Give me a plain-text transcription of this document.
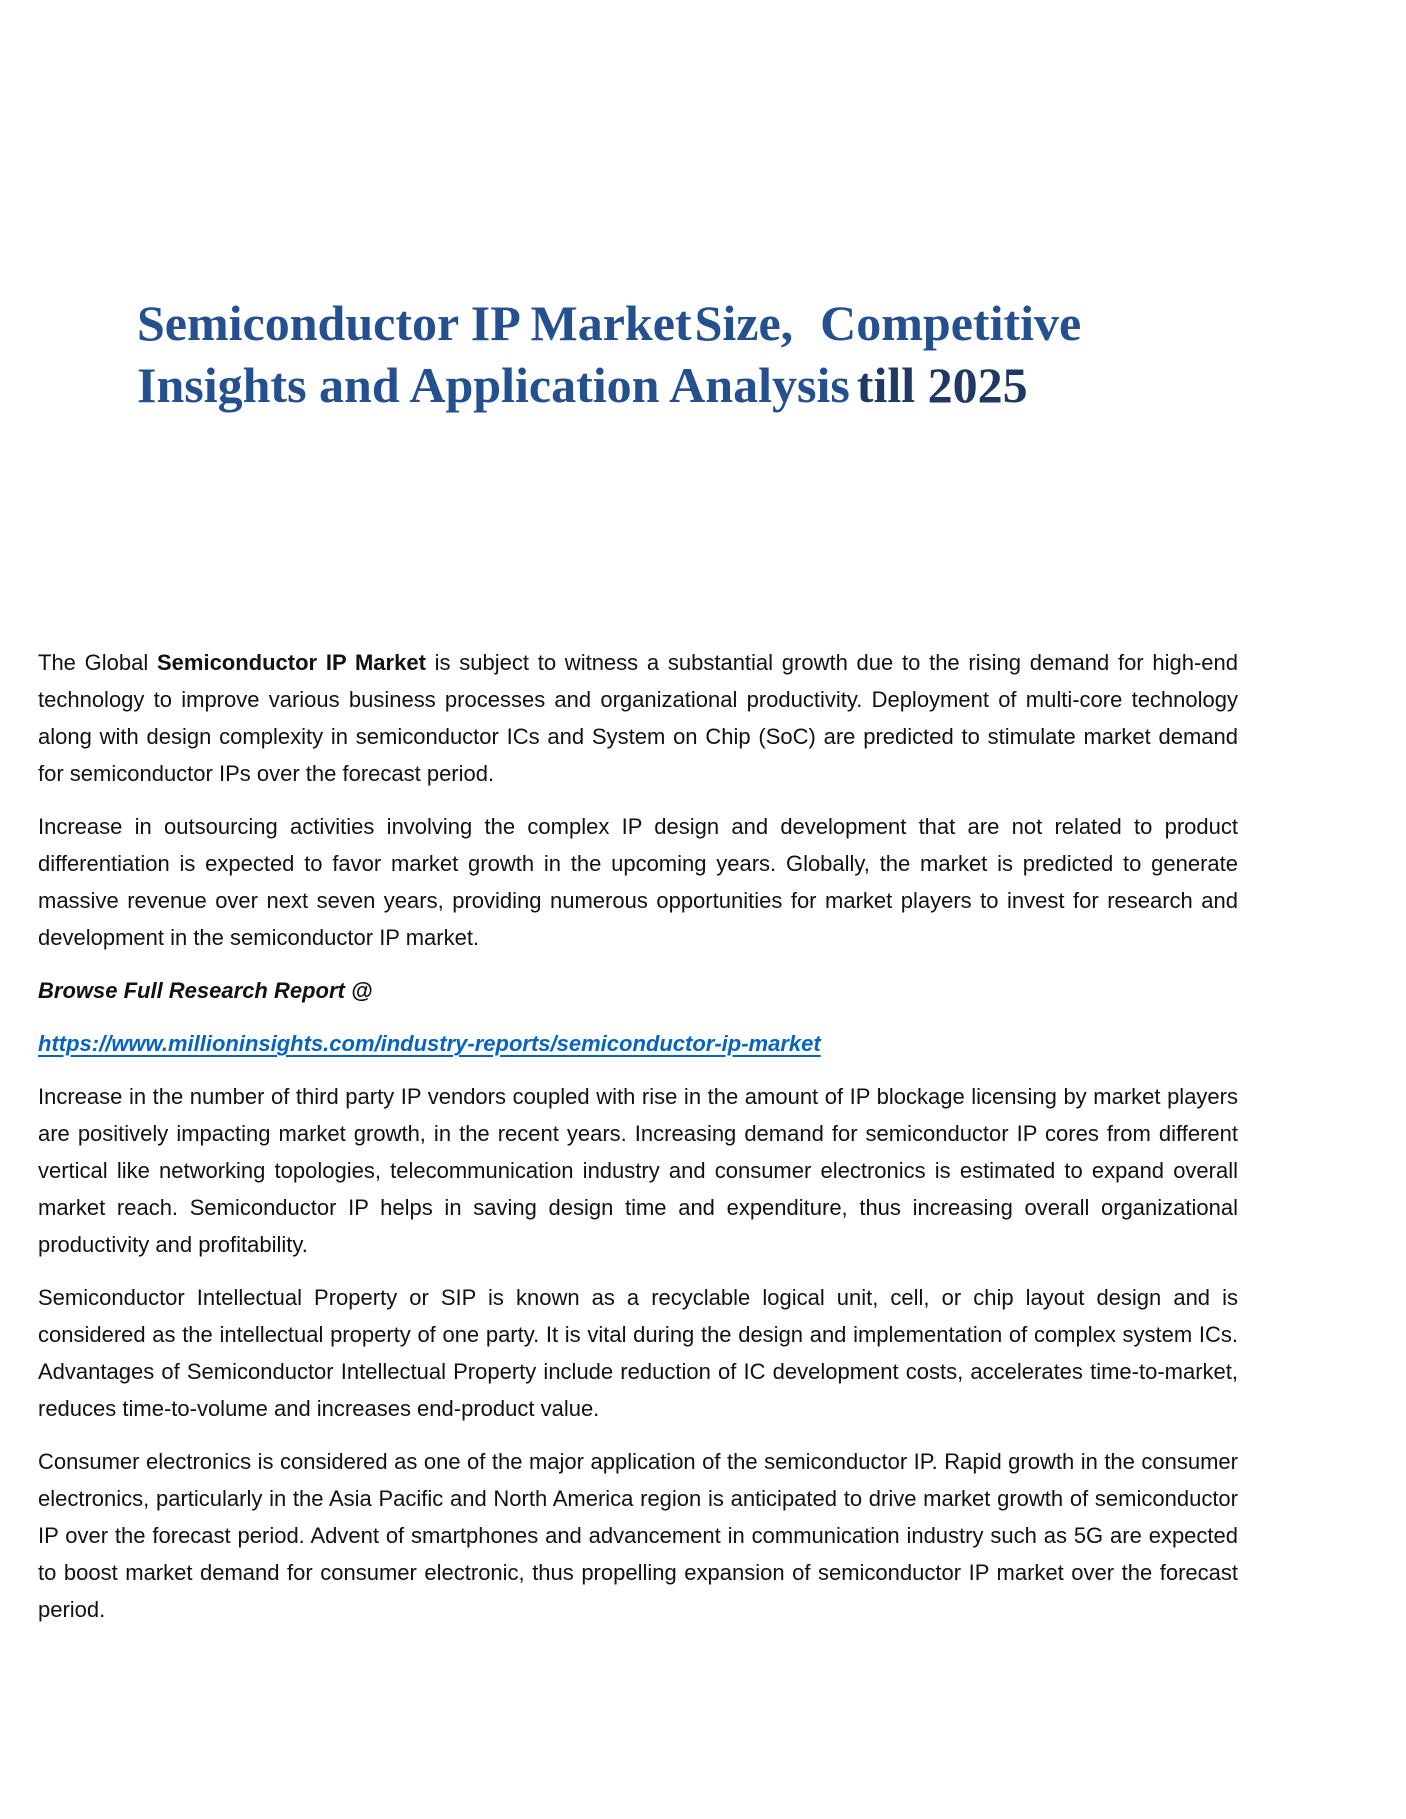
Semiconductor IP MarketSize, Competitive
Insights and Application Analysis till 2025

The Global Semiconductor IP Market is subject to witness a substantial growth due to the rising demand for high-end technology to improve various business processes and organizational productivity. Deployment of multi-core technology along with design complexity in semiconductor ICs and System on Chip (SoC) are predicted to stimulate market demand for semiconductor IPs over the forecast period.

Increase in outsourcing activities involving the complex IP design and development that are not related to product differentiation is expected to favor market growth in the upcoming years. Globally, the market is predicted to generate massive revenue over next seven years, providing numerous opportunities for market players to invest for research and development in the semiconductor IP market.

Browse Full Research Report @

https://www.millioninsights.com/industry-reports/semiconductor-ip-market

Increase in the number of third party IP vendors coupled with rise in the amount of IP blockage licensing by market players are positively impacting market growth, in the recent years. Increasing demand for semiconductor IP cores from different vertical like networking topologies, telecommunication industry and consumer electronics is estimated to expand overall market reach. Semiconductor IP helps in saving design time and expenditure, thus increasing overall organizational productivity and profitability.

Semiconductor Intellectual Property or SIP is known as a recyclable logical unit, cell, or chip layout design and is considered as the intellectual property of one party. It is vital during the design and implementation of complex system ICs. Advantages of Semiconductor Intellectual Property include reduction of IC development costs, accelerates time-to-market, reduces time-to-volume and increases end-product value.

Consumer electronics is considered as one of the major application of the semiconductor IP. Rapid growth in the consumer electronics, particularly in the Asia Pacific and North America region is anticipated to drive market growth of semiconductor IP over the forecast period. Advent of smartphones and advancement in communication industry such as 5G are expected to boost market demand for consumer electronic, thus propelling expansion of semiconductor IP market over the forecast period.
